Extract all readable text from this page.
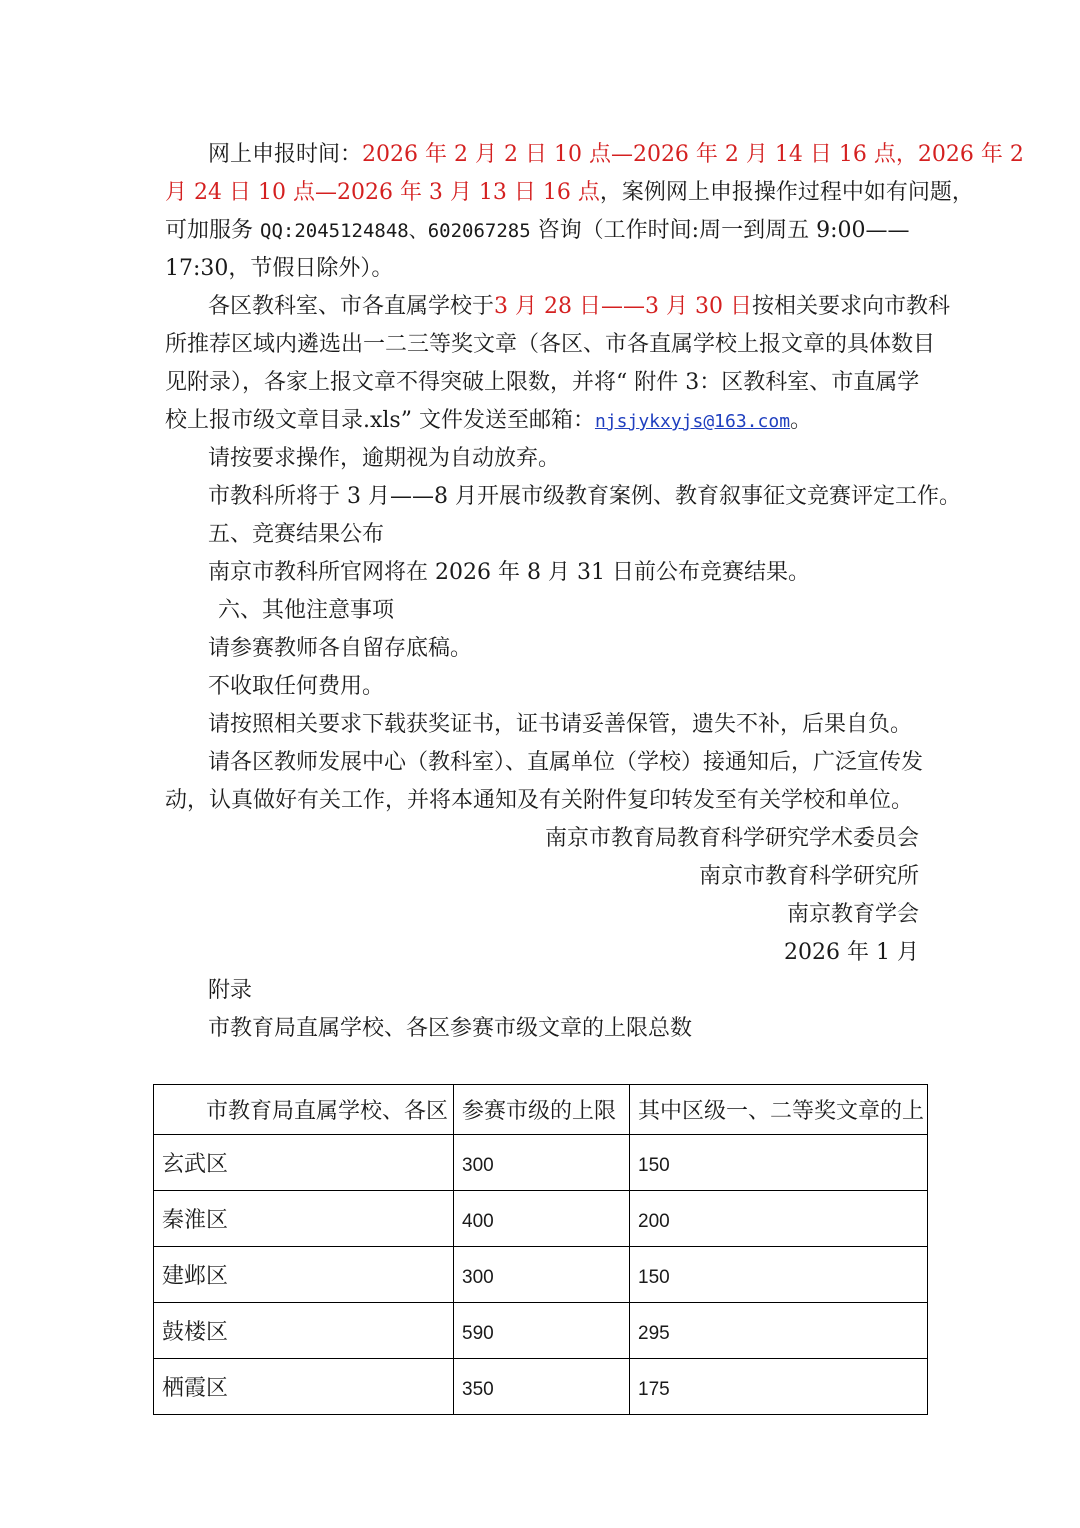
网上申报时间：2026 年 2 月 2 日 10 点—2026 年 2 月 14 日 16 点，2026 年 2
月 24 日 10 点—2026 年 3 月 13 日 16 点，案例网上申报操作过程中如有问题，
可加服务 QQ:2045124848、602067285 咨询（工作时间:周一到周五 9:00——
17:30，节假日除外）。
各区教科室、市各直属学校于3 月 28 日——3 月 30 日按相关要求向市教科
所推荐区域内遴选出一二三等奖文章（各区、市各直属学校上报文章的具体数目
见附录），各家上报文章不得突破上限数，并将“ 附件 3：区教科室、市直属学
校上报市级文章目录.xls” 文件发送至邮箱：njsjykxyjs@163.com。
请按要求操作，逾期视为自动放弃。
市教科所将于 3 月——8 月开展市级教育案例、教育叙事征文竞赛评定工作。
五、竞赛结果公布
南京市教科所官网将在 2026 年 8 月 31 日前公布竞赛结果。
六、其他注意事项
请参赛教师各自留存底稿。
不收取任何费用。
请按照相关要求下载获奖证书，证书请妥善保管，遗失不补，后果自负。
请各区教师发展中心（教科室）、直属单位（学校）接通知后，广泛宣传发
动，认真做好有关工作，并将本通知及有关附件复印转发至有关学校和单位。
南京市教育局教育科学研究学术委员会
南京市教育科学研究所
南京教育学会
2026 年 1 月
附录
市教育局直属学校、各区参赛市级文章的上限总数
市教育局直属学校、各区	参赛市级的上限	其中区级一、二等奖文章的上
玄武区	300	150
秦淮区	400	200
建邺区	300	150
鼓楼区	590	295
栖霞区	350	175
